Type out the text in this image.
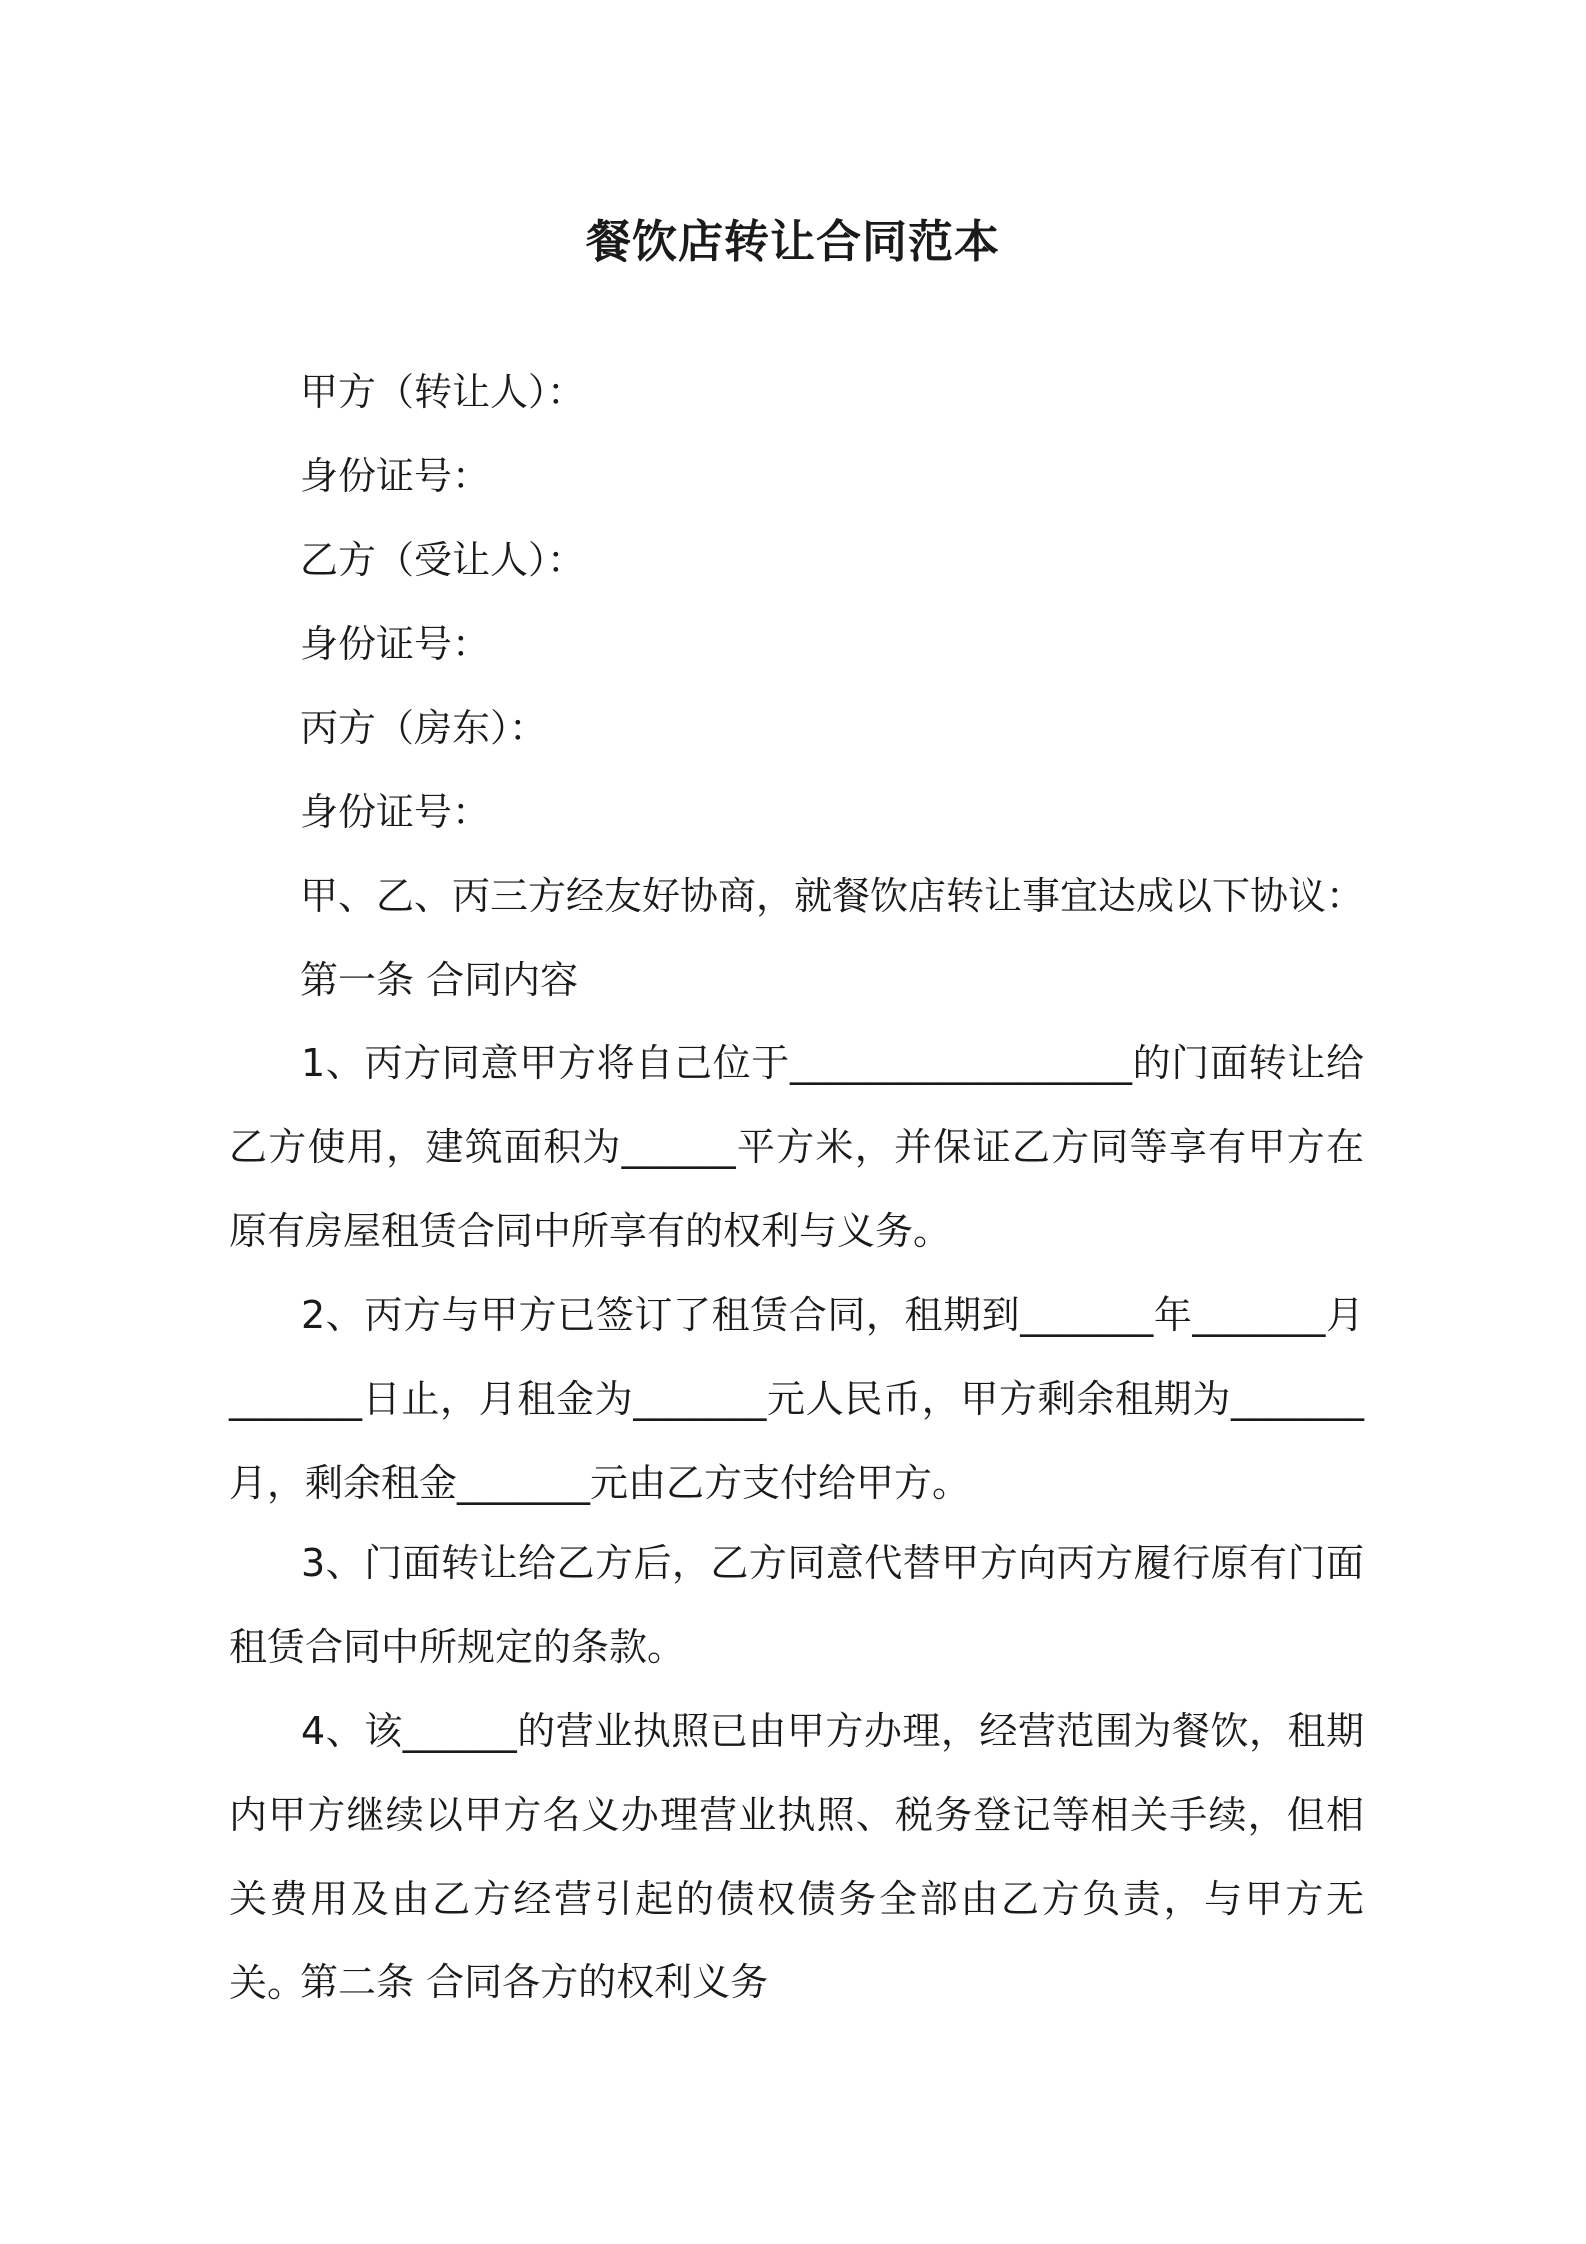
餐饮店转让合同范本
甲方（转让人）：
身份证号：
乙方（受让人）：
身份证号：
丙方（房东）：
身份证号：
甲、乙、丙三方经友好协商，就餐饮店转让事宜达成以下协议：
第一条 合同内容

1、丙方同意甲方将自己位于__________________的门面转让给乙方使用，建筑面积为______平方米，并保证乙方同等享有甲方在原有房屋租赁合同中所享有的权利与义务。

2、丙方与甲方已签订了租赁合同，租期到_______年_______月_______日止，月租金为_______元人民币，甲方剩余租期为_______月，剩余租金_______元由乙方支付给甲方。

3、门面转让给乙方后，乙方同意代替甲方向丙方履行原有门面租赁合同中所规定的条款。

4、该______的营业执照已由甲方办理，经营范围为餐饮，租期内甲方继续以甲方名义办理营业执照、税务登记等相关手续，但相关费用及由乙方经营引起的债权债务全部由乙方负责，与甲方无关。

第二条 合同各方的权利义务
